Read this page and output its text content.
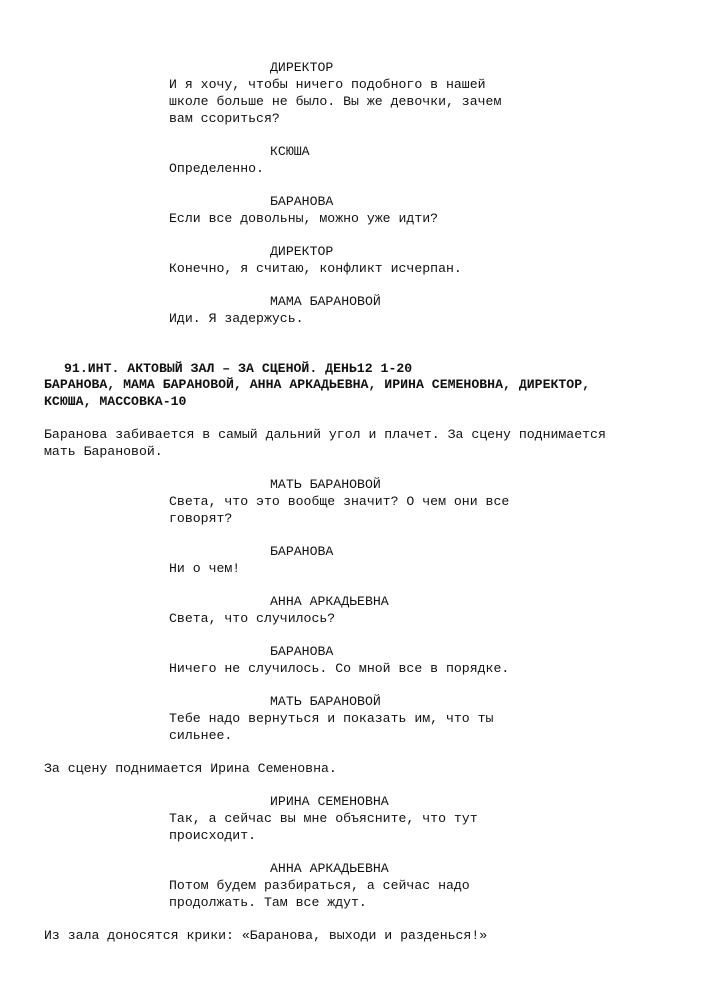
ДИРЕКТОР
И я хочу, чтобы ничего подобного в нашей
школе больше не было. Вы же девочки, зачем
вам ссориться?
КСЮША
Определенно.
БАРАНОВА
Если все довольны, можно уже идти?
ДИРЕКТОР
Конечно, я считаю, конфликт исчерпан.
МАМА БАРАНОВОЙ
Иди. Я задержусь.
91.ИНТ. АКТОВЫЙ ЗАЛ – ЗА СЦЕНОЙ. ДЕНЬ12 1-20
БАРАНОВА, МАМА БАРАНОВОЙ, АННА АРКАДЬЕВНА, ИРИНА СЕМЕНОВНА, ДИРЕКТОР,
КСЮША, МАССОВКА-10
Баранова забивается в самый дальний угол и плачет. За сцену поднимается
мать Барановой.
МАТЬ БАРАНОВОЙ
Света, что это вообще значит? О чем они все
говорят?
БАРАНОВА
Ни о чем!
АННА АРКАДЬЕВНА
Света, что случилось?
БАРАНОВА
Ничего не случилось. Со мной все в порядке.
МАТЬ БАРАНОВОЙ
Тебе надо вернуться и показать им, что ты
сильнее.
За сцену поднимается Ирина Семеновна.
ИРИНА СЕМЕНОВНА
Так, а сейчас вы мне объясните, что тут
происходит.
АННА АРКАДЬЕВНА
Потом будем разбираться, а сейчас надо
продолжать. Там все ждут.
Из зала доносятся крики: «Баранова, выходи и разденься!»
